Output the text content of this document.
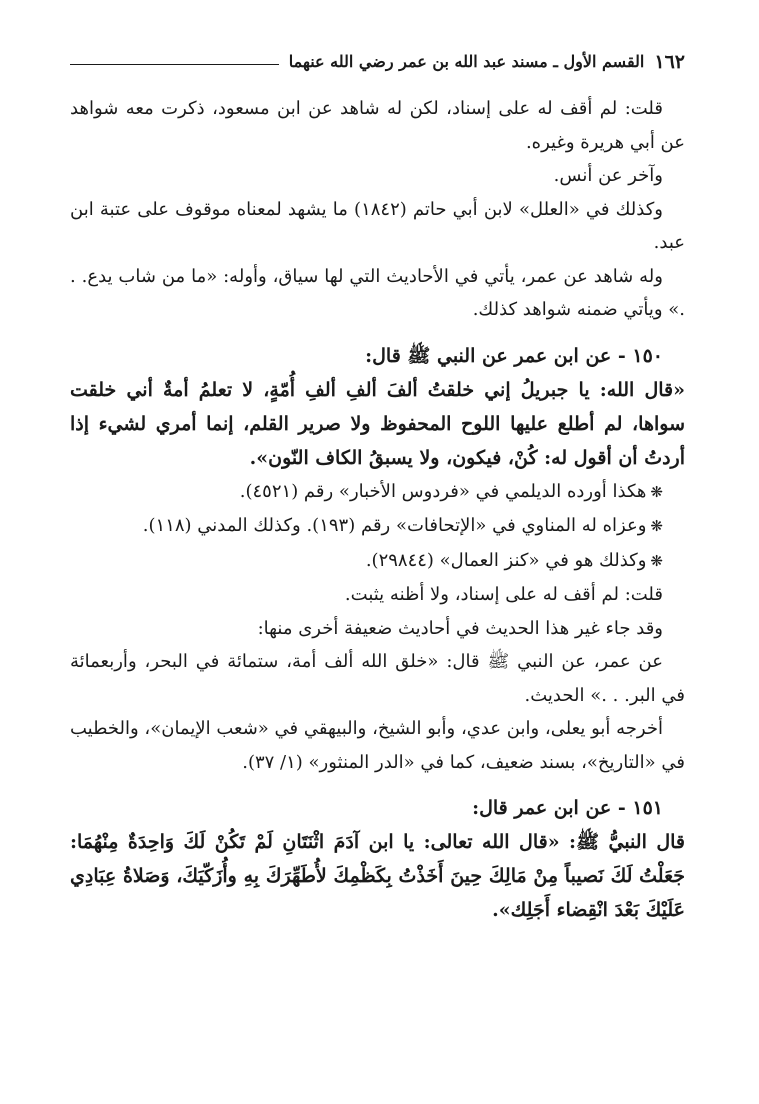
١٦٢
القسم الأول ـ مسند عبد الله بن عمر رضي الله عنهما

قلت: لم أقف له على إسناد، لكن له شاهد عن ابن مسعود، ذكرت معه شواهد عن أبي هريرة وغيره.

وآخر عن أنس.

وكذلك في «العلل» لابن أبي حاتم (١٨٤٢) ما يشهد لمعناه موقوف على عتبة ابن عبد.

وله شاهد عن عمر، يأتي في الأحاديث التي لها سياق، وأوله: «ما من شاب يدع. . .» ويأتي ضمنه شواهد كذلك.

١٥٠ - عن ابن عمر عن النبي ﷺ قال:

«قال الله: يا جبريلُ إني خلقتُ ألفَ ألفِ ألفِ أُمّةٍ، لا تعلمُ أمةٌ أني خلقت سواها، لم أطلع عليها اللوح المحفوظ ولا صرير القلم، إنما أمري لشيء إذا أردتُ أن أقول له: كُنْ، فيكون، ولا يسبقُ الكاف النّون».

❋هكذا أورده الديلمي في «فردوس الأخبار» رقم (٤٥٢١).

❋وعزاه له المناوي في «الإتحافات» رقم (١٩٣). وكذلك المدني (١١٨).

❋وكذلك هو في «كنز العمال» (٢٩٨٤٤).

قلت: لم أقف له على إسناد، ولا أظنه يثبت.

وقد جاء غير هذا الحديث في أحاديث ضعيفة أخرى منها:

عن عمر، عن النبي ﷺ قال: «خلق الله ألف أمة، ستمائة في البحر، وأربعمائة في البر. . .» الحديث.

أخرجه أبو يعلى، وابن عدي، وأبو الشيخ، والبيهقي في «شعب الإيمان»، والخطيب في «التاريخ»، بسند ضعيف، كما في «الدر المنثور» (١/ ٣٧).

١٥١ - عن ابن عمر قال:

قال النبيُّ ﷺ: «قال الله تعالى: يا ابن آدَمَ اثْنَتَانِ لَمْ تَكُنْ لَكَ وَاحِدَةٌ مِنْهُمَا: جَعَلْتُ لَكَ نَصيباً مِنْ مَالِكَ حِينَ أَخَذْتُ بِكَظْمِكَ لأُطَهِّرَكَ بِهِ وأُزَكّيَكَ، وَصَلاةُ عِبَادِي عَلَيْكَ بَعْدَ انْقِضاء أَجَلِك».
